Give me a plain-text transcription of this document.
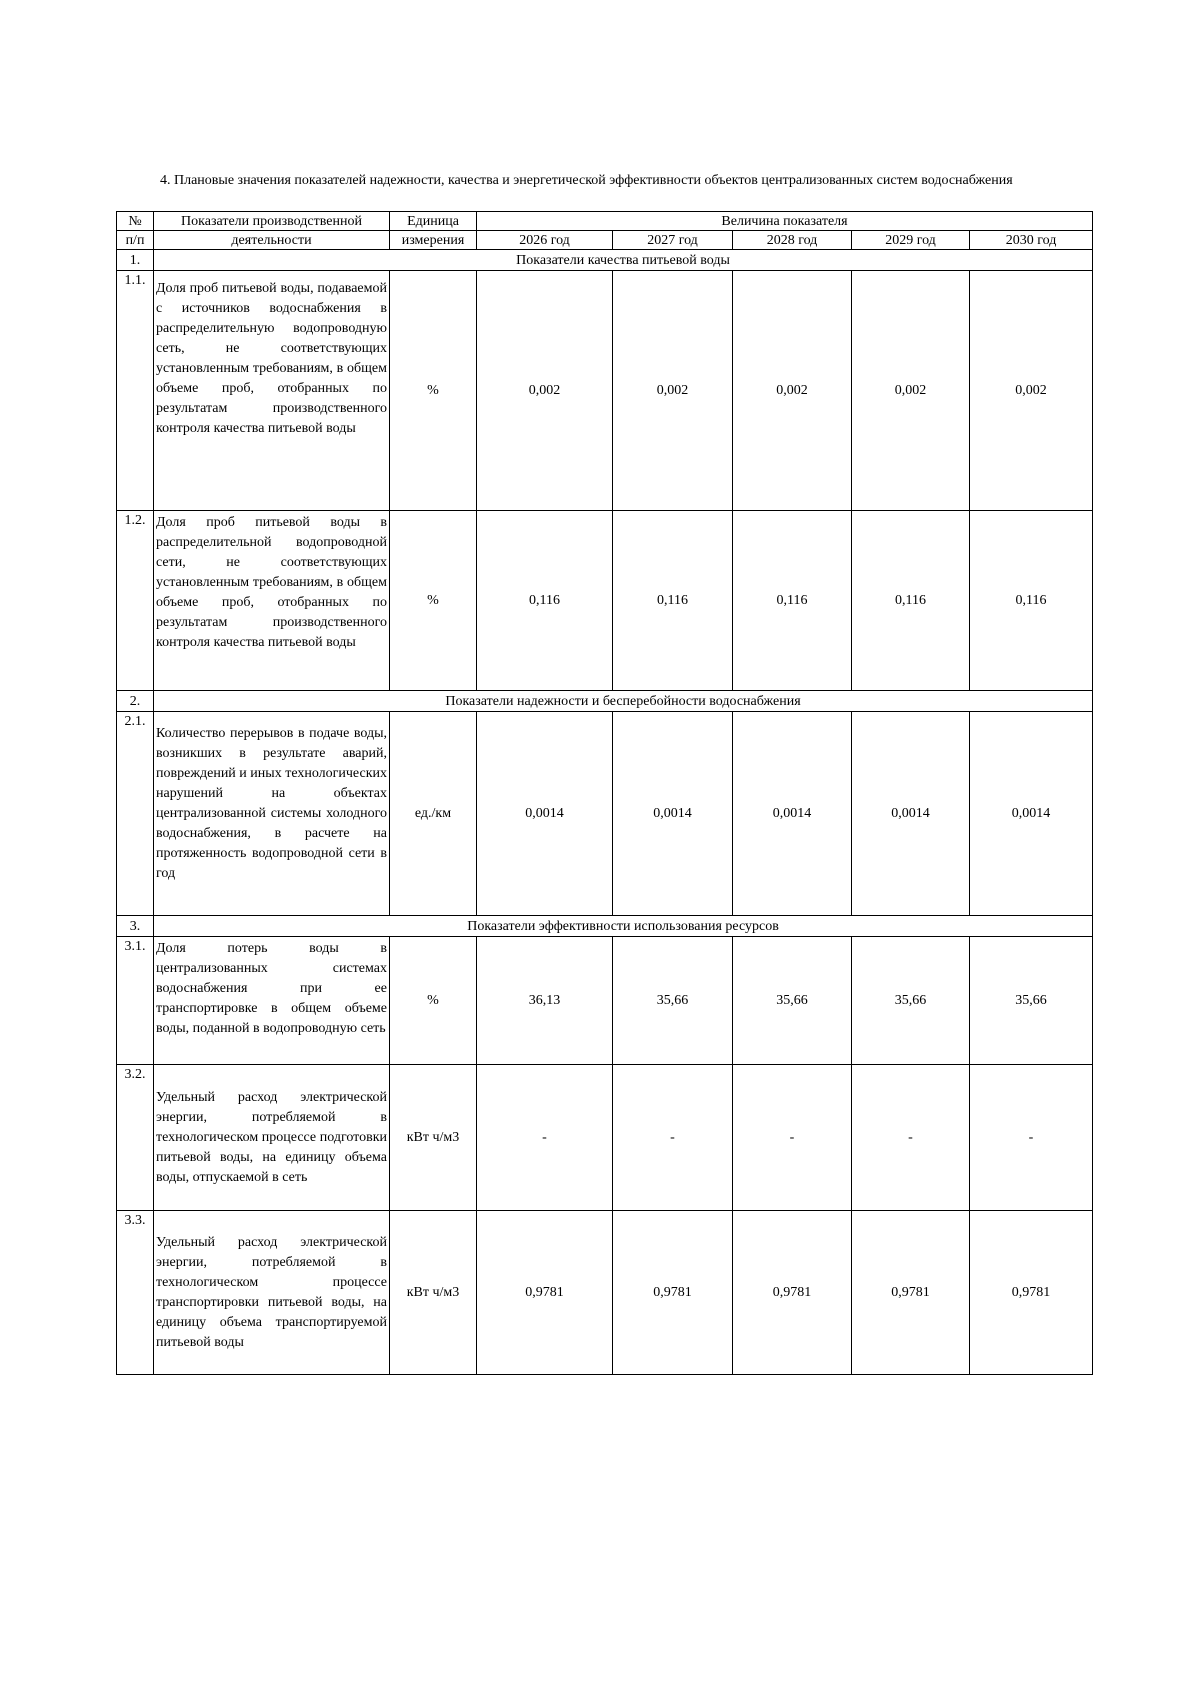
4. Плановые значения показателей надежности, качества и энергетической эффективности объектов централизованных систем водоснабжения

№	Показатели производственной	Единица	Величина показателя				
п/п	деятельности	измерения	2026 год	2027 год	2028 год	2029 год	2030 год
1.	Показатели качества питьевой воды						
1.1.	Доля проб питьевой воды, подаваемой с источников водоснабжения в распределительную водопроводную сеть, не соответствующих установленным требованиям, в общем объеме проб, отобранных по результатам производственного контроля качества питьевой воды	%	0,002	0,002	0,002	0,002	0,002
1.2.	Доля проб питьевой воды в распределительной водопроводной сети, не соответствующих установленным требованиям, в общем объеме проб, отобранных по результатам производственного контроля качества питьевой воды	%	0,116	0,116	0,116	0,116	0,116
2.	Показатели надежности и бесперебойности водоснабжения						
2.1.	Количество перерывов в подаче воды, возникших в результате аварий, повреждений и иных технологических нарушений на объектах централизованной системы холодного водоснабжения, в расчете на протяженность водопроводной сети в год	ед./км	0,0014	0,0014	0,0014	0,0014	0,0014
3.	Показатели эффективности использования ресурсов						
3.1.	Доля потерь воды в централизованных системах водоснабжения при ее транспортировке в общем объеме воды, поданной в водопроводную сеть	%	36,13	35,66	35,66	35,66	35,66
3.2.	Удельный расход электрической энергии, потребляемой в технологическом процессе подготовки питьевой воды, на единицу объема воды, отпускаемой в сеть	кВт ч/м3	-	-	-	-	-
3.3.	Удельный расход электрической энергии, потребляемой в технологическом процессе транспортировки питьевой воды, на единицу объема транспортируемой питьевой воды	кВт ч/м3	0,9781	0,9781	0,9781	0,9781	0,9781
